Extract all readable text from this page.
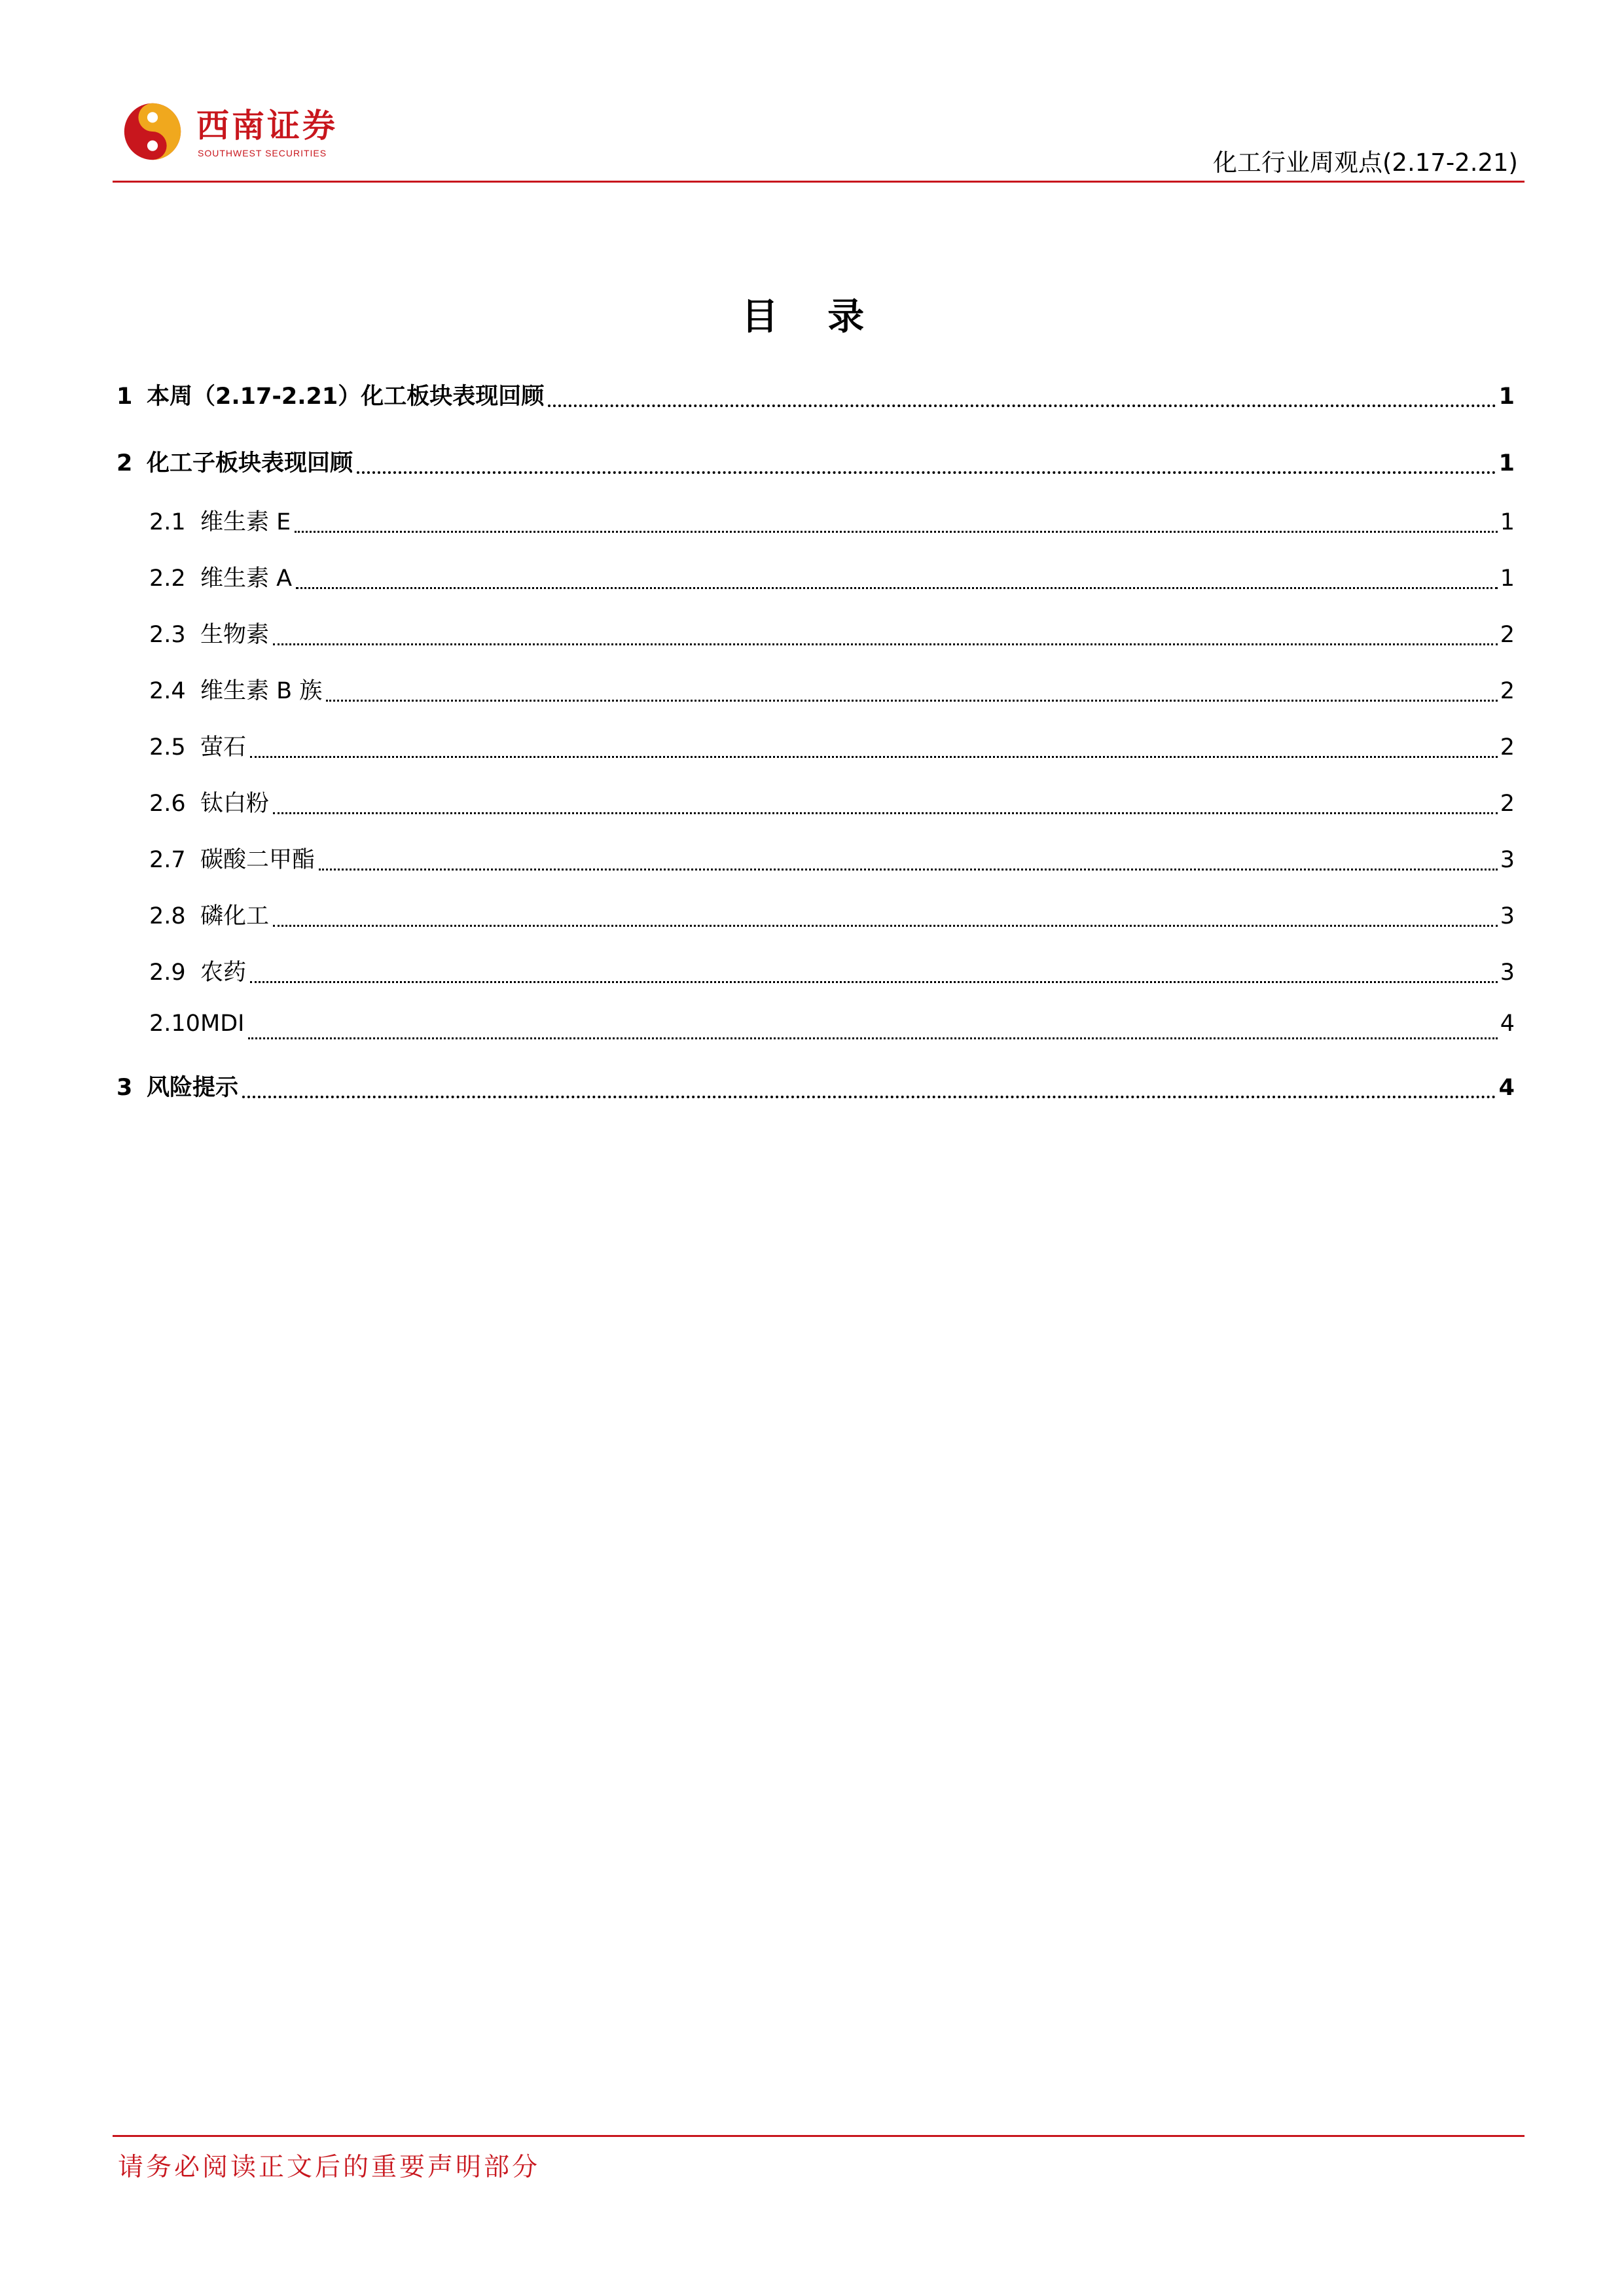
西南证券
SOUTHWEST SECURITIES	化工行业周观点(2.17-2.21)
目 录
1 本周（2.17-2.21）化工板块表现回顾	1
2 化工子板块表现回顾	1
2.1 维生素 E	1
2.2 维生素 A	1
2.3 生物素	2
2.4 维生素 B 族	2
2.5 萤石	2
2.6 钛白粉	2
2.7 碳酸二甲酯	3
2.8 磷化工	3
2.9 农药	3
2.10 MDI	4
3 风险提示	4
请务必阅读正文后的重要声明部分
